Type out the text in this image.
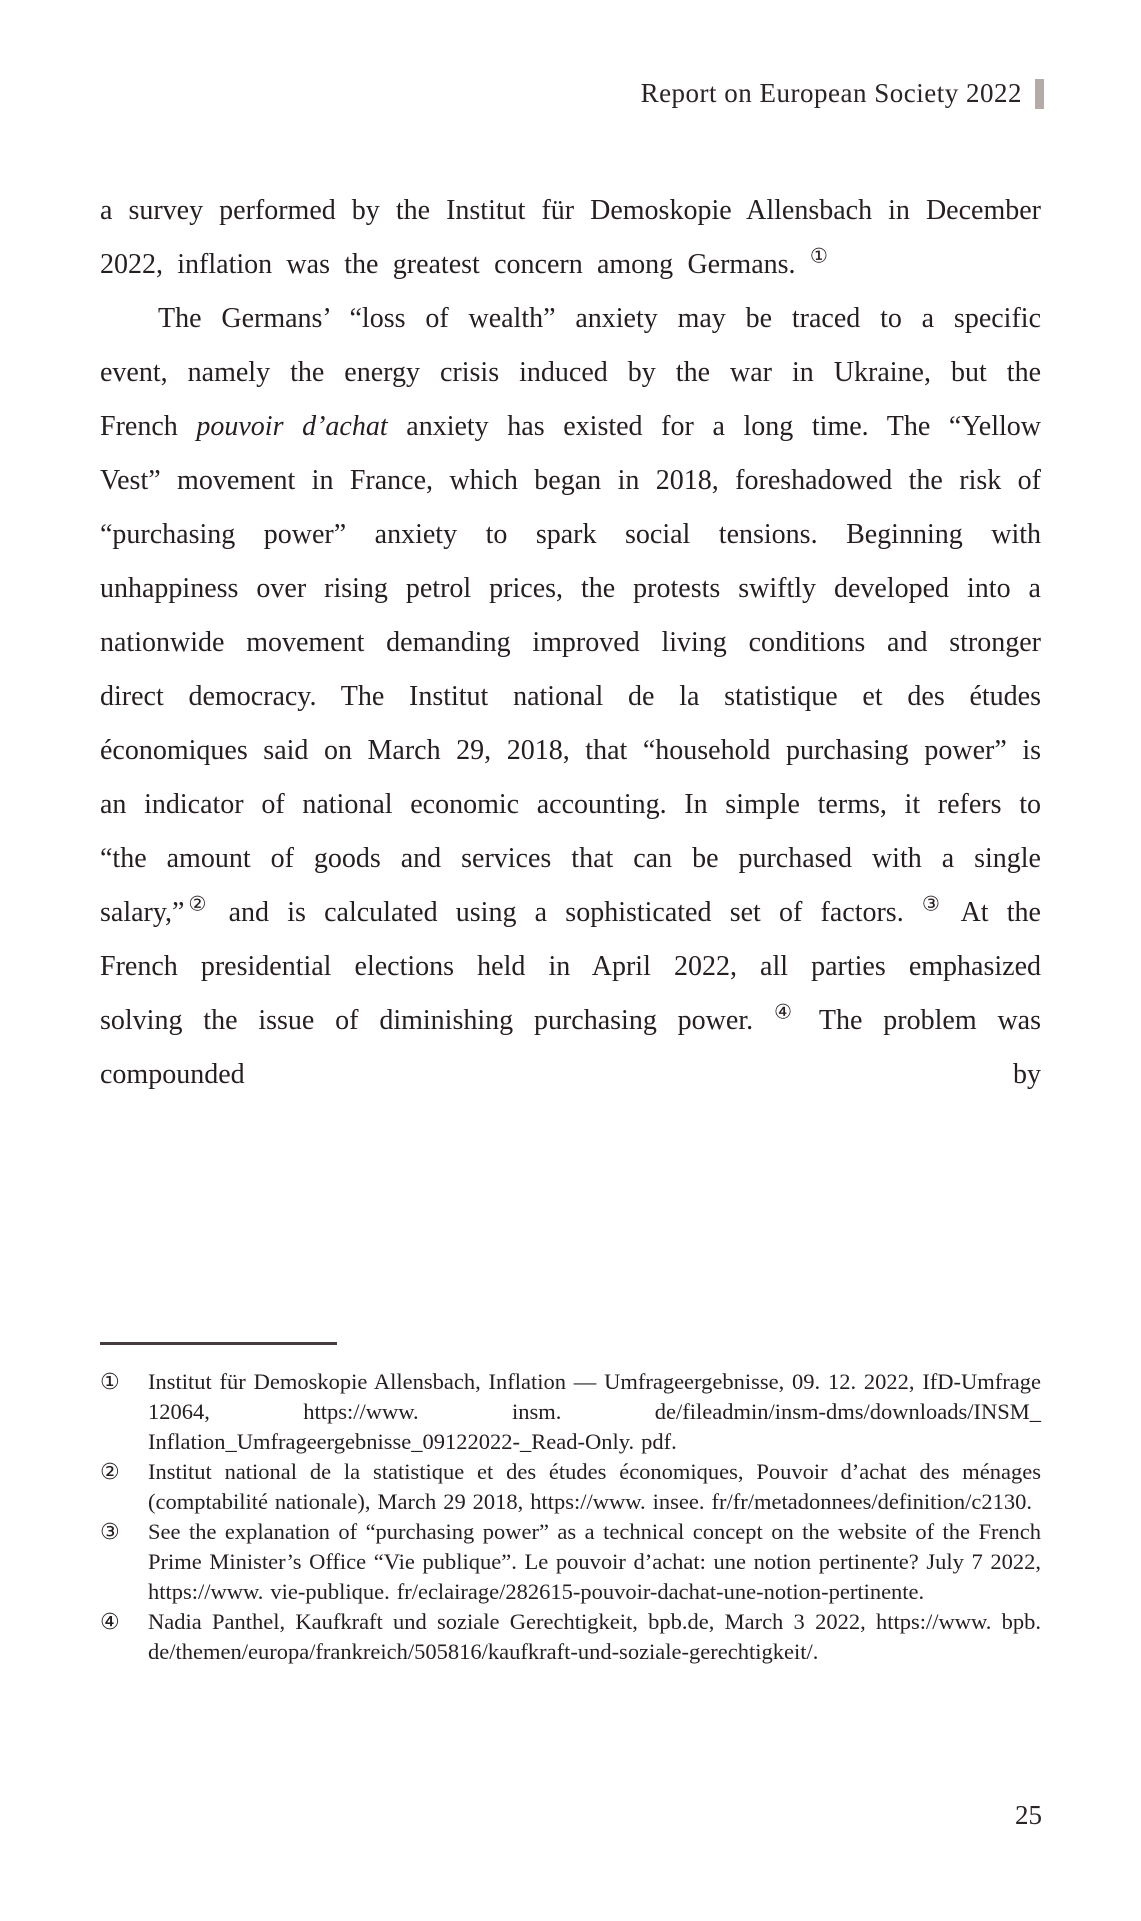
Report on European Society 2022

a survey performed by the Institut für Demoskopie Allensbach in December 2022, inflation was the greatest concern among Germans. ①

The Germans’ “loss of wealth” anxiety may be traced to a specific event, namely the energy crisis induced by the war in Ukraine, but the French pouvoir d’achat anxiety has existed for a long time. The “Yellow Vest” movement in France, which began in 2018, foreshadowed the risk of “purchasing power” anxiety to spark social tensions. Beginning with unhappiness over rising petrol prices, the protests swiftly developed into a nationwide movement demanding improved living conditions and stronger direct democracy. The Institut national de la statistique et des études économiques said on March 29, 2018, that “household purchasing power” is an indicator of national economic accounting. In simple terms, it refers to “the amount of goods and services that can be purchased with a single salary,”② and is calculated using a sophisticated set of factors. ③ At the French presidential elections held in April 2022, all parties emphasized solving the issue of diminishing purchasing power. ④ The problem was compounded by

①	Institut für Demoskopie Allensbach, Inflation — Umfrageergebnisse, 09. 12. 2022, IfD-Umfrage 12064, https://www. insm. de/fileadmin/insm-dms/downloads/INSM_ Inflation_Umfrageergebnisse_09122022-_Read-Only. pdf.
②	Institut national de la statistique et des études économiques, Pouvoir d’achat des ménages (comptabilité nationale), March 29 2018, https://www. insee. fr/fr/metadonnees/definition/c2130.
③	See the explanation of “purchasing power” as a technical concept on the website of the French Prime Minister’s Office “Vie publique”. Le pouvoir d’achat: une notion pertinente? July 7 2022, https://www. vie-publique. fr/eclairage/282615-pouvoir-dachat-une-notion-pertinente.
④	Nadia Panthel, Kaufkraft und soziale Gerechtigkeit, bpb.de, March 3 2022, https://www. bpb. de/themen/europa/frankreich/505816/kaufkraft-und-soziale-gerechtigkeit/.
25
